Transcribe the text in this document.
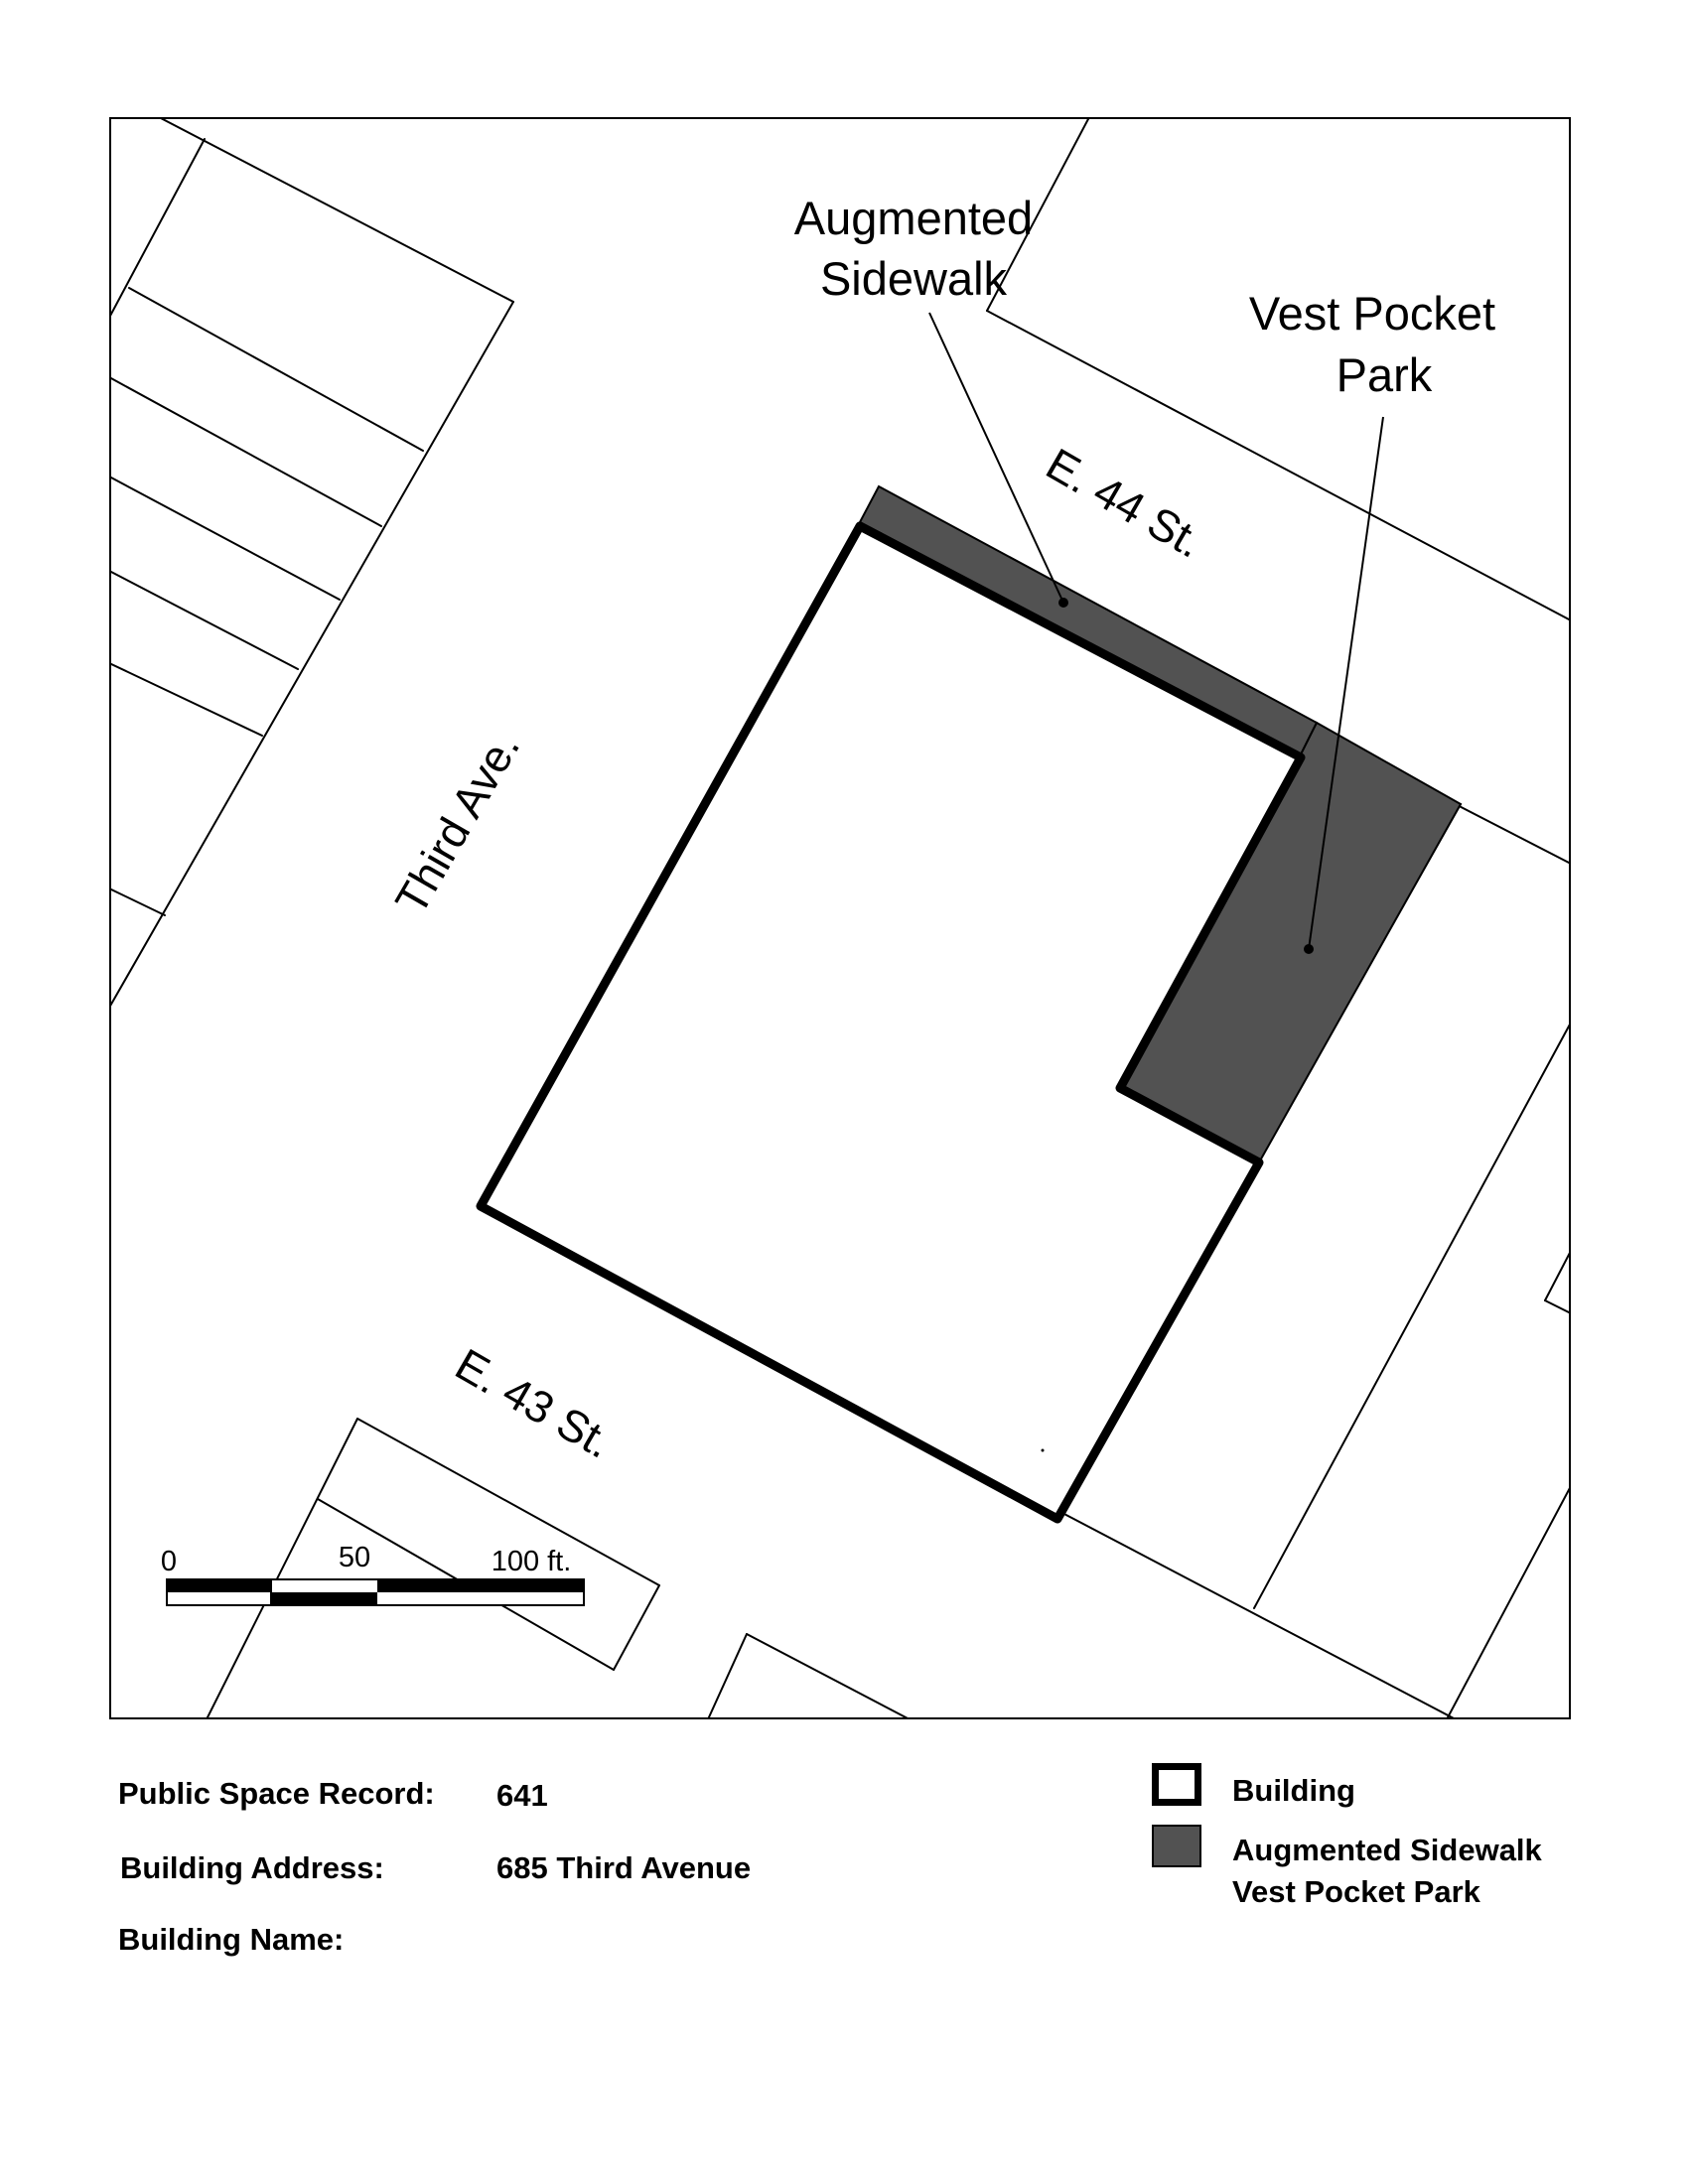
Augmented
Sidewalk
Vest Pocket
Park
Third Ave.
E. 44 St.
E. 43 St.
0	50	100 ft.
Public Space Record: 641
Building Address:	685 Third Avenue
Building Name:
Building
Augmented Sidewalk
Vest Pocket Park
